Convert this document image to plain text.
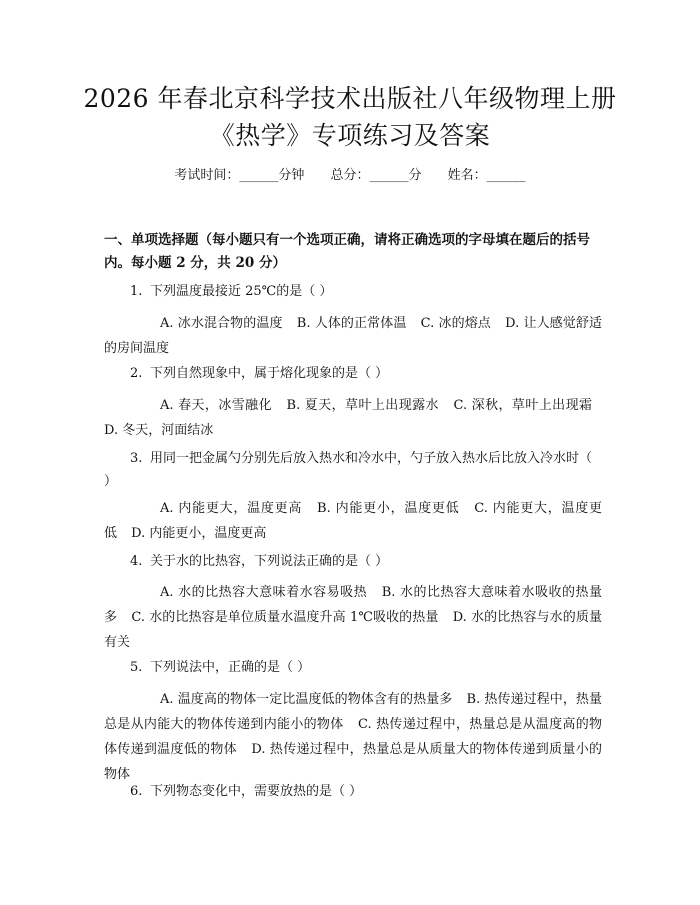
2026 年春北京科学技术出版社八年级物理上册《热学》专项练习及答案
考试时间：______分钟 总分：______分 姓名：______
一、单项选择题（每小题只有一个选项正确，请将正确选项的字母填在题后的括号内。每小题 2 分，共 20 分）
1. 下列温度最接近 25℃的是（ ）
A. 冰水混合物的温度 B. 人体的正常体温 C. 冰的熔点 D. 让人感觉舒适的房间温度
2. 下列自然现象中，属于熔化现象的是（ ）
A. 春天，冰雪融化 B. 夏天，草叶上出现露水 C. 深秋，草叶上出现霜 D. 冬天，河面结冰
3. 用同一把金属勺分别先后放入热水和冷水中，勺子放入热水后比放入冷水时（ ）
A. 内能更大，温度更高 B. 内能更小，温度更低 C. 内能更大，温度更低 D. 内能更小，温度更高
4. 关于水的比热容，下列说法正确的是（ ）
A. 水的比热容大意味着水容易吸热 B. 水的比热容大意味着水吸收的热量多 C. 水的比热容是单位质量水温度升高 1℃吸收的热量 D. 水的比热容与水的质量有关
5. 下列说法中，正确的是（ ）
A. 温度高的物体一定比温度低的物体含有的热量多 B. 热传递过程中，热量总是从内能大的物体传递到内能小的物体 C. 热传递过程中，热量总是从温度高的物体传递到温度低的物体 D. 热传递过程中，热量总是从质量大的物体传递到质量小的物体
6. 下列物态变化中，需要放热的是（ ）
